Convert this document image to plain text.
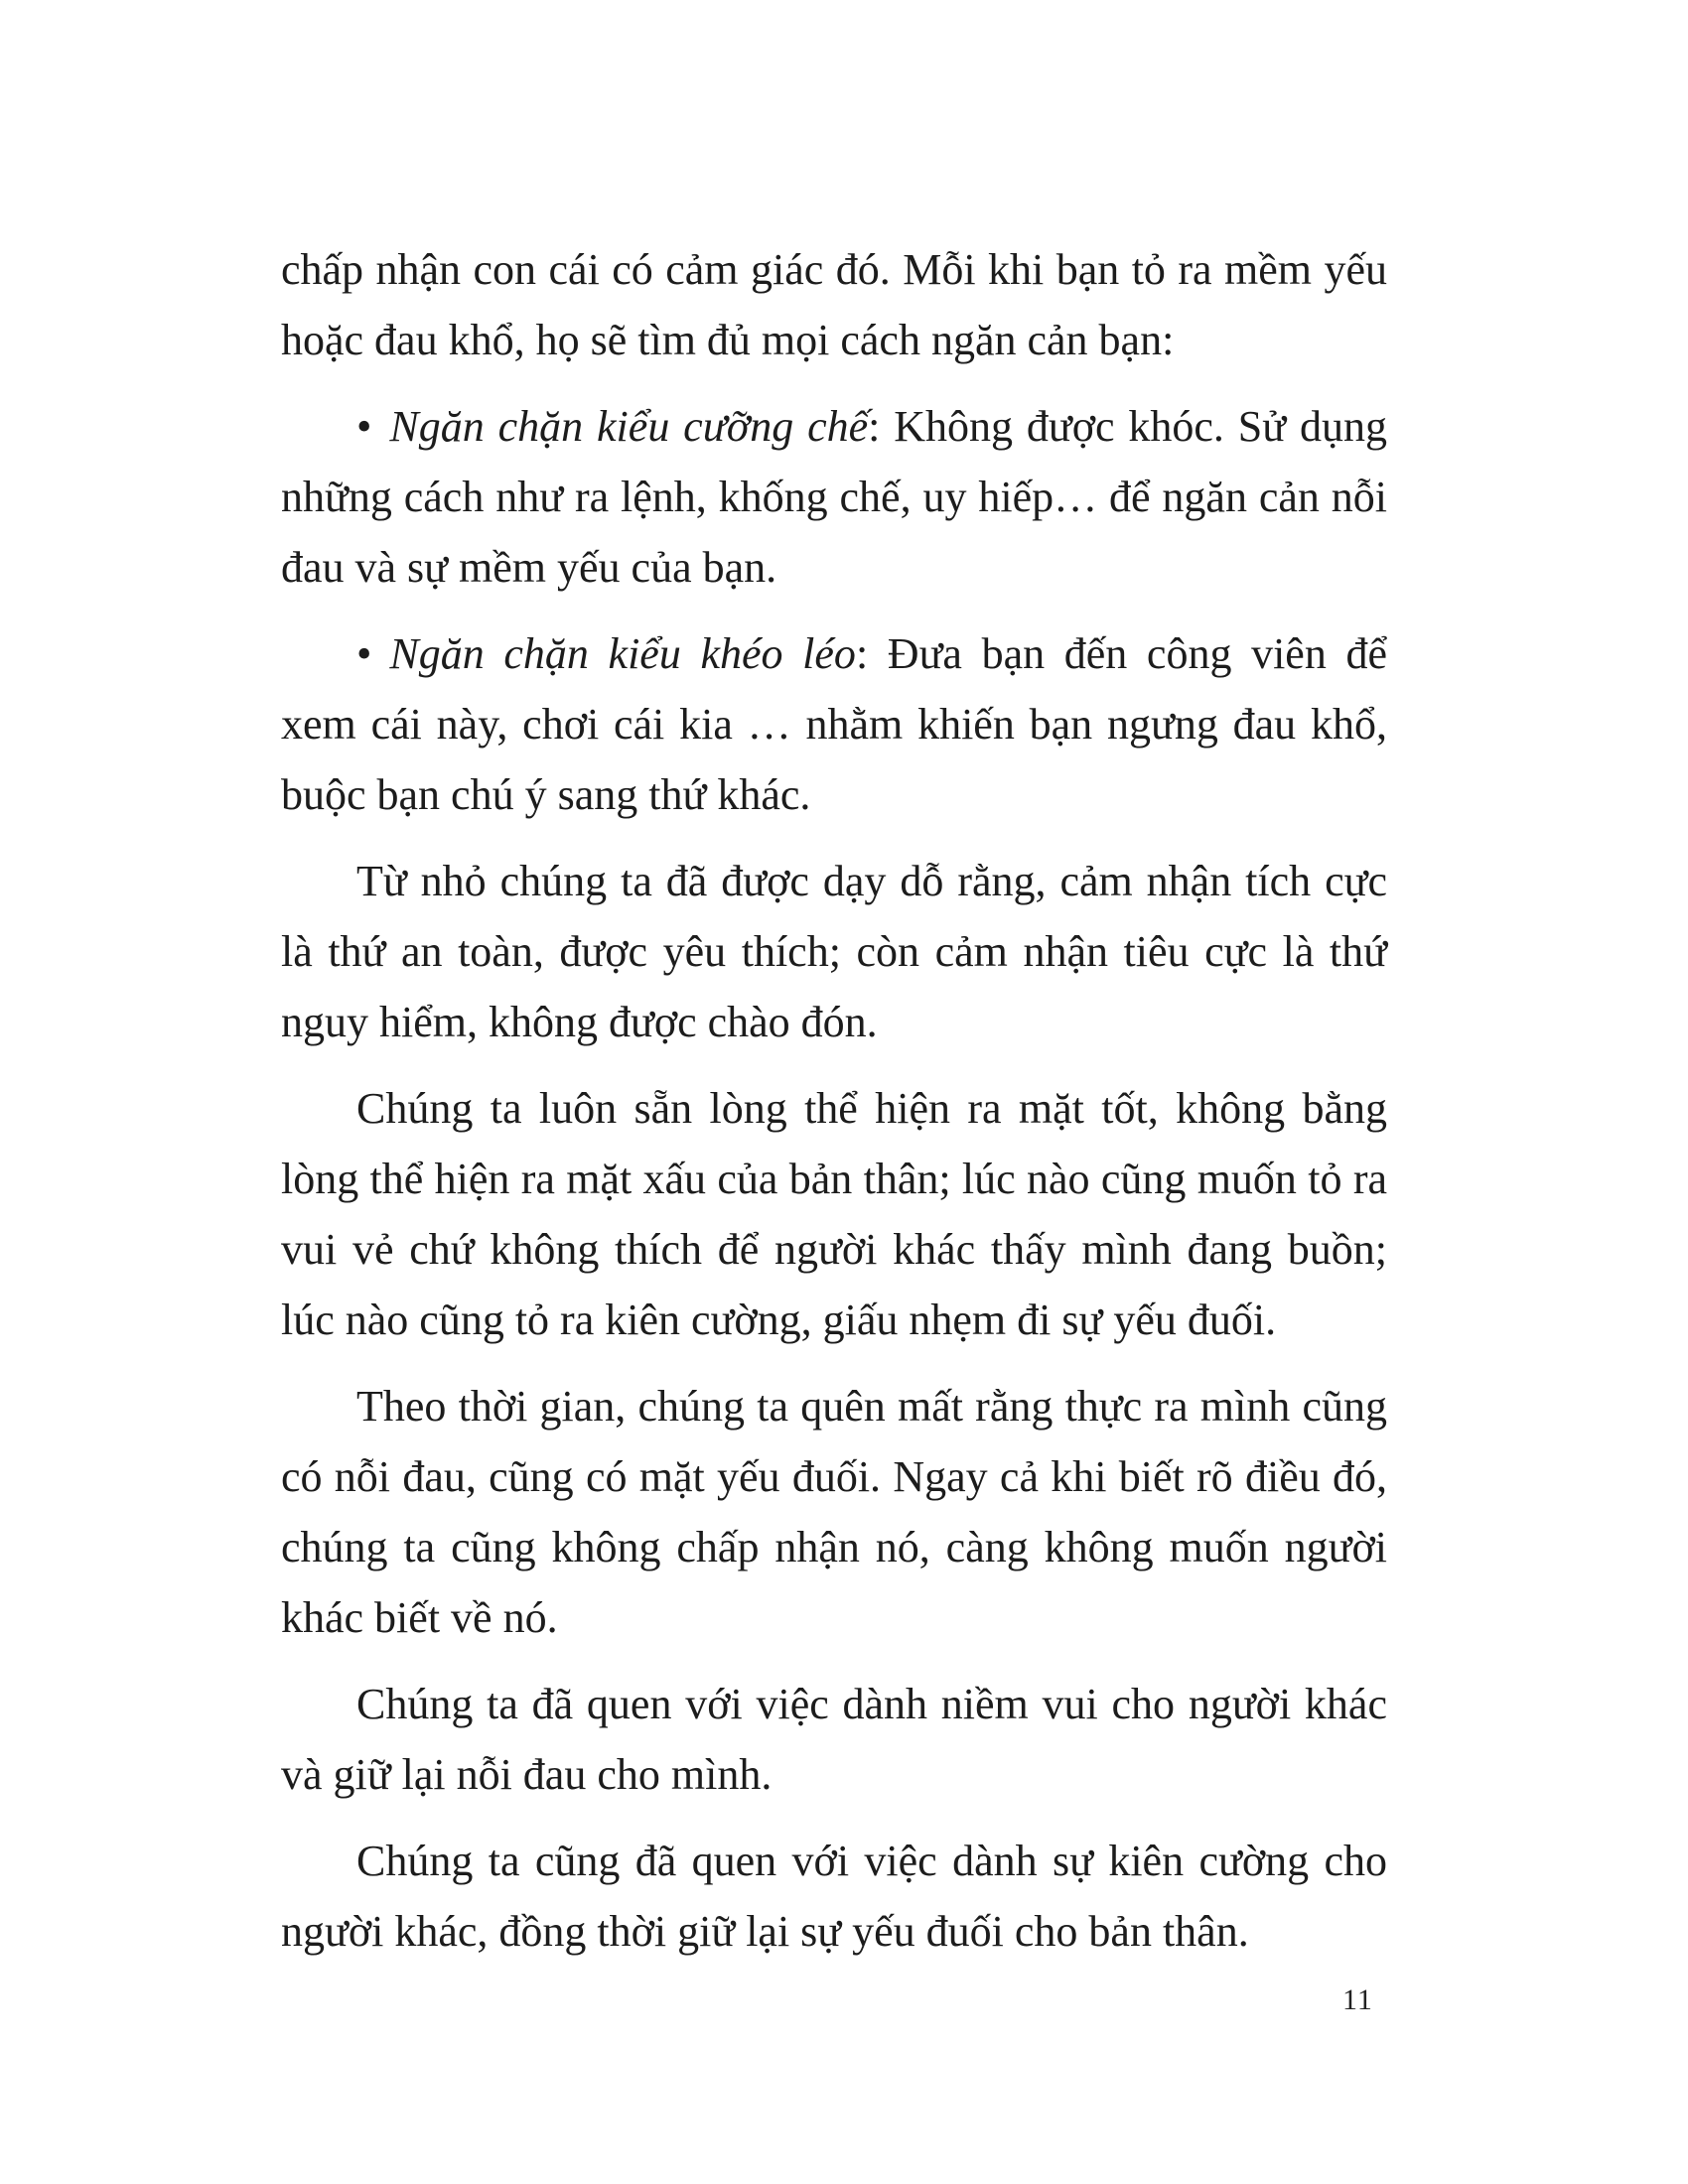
chấp nhận con cái có cảm giác đó. Mỗi khi bạn tỏ ra mềm yếu hoặc đau khổ, họ sẽ tìm đủ mọi cách ngăn cản bạn:

• Ngăn chặn kiểu cưỡng chế: Không được khóc. Sử dụng những cách như ra lệnh, khống chế, uy hiếp… để ngăn cản nỗi đau và sự mềm yếu của bạn.

• Ngăn chặn kiểu khéo léo: Đưa bạn đến công viên để xem cái này, chơi cái kia … nhằm khiến bạn ngưng đau khổ, buộc bạn chú ý sang thứ khác.

Từ nhỏ chúng ta đã được dạy dỗ rằng, cảm nhận tích cực là thứ an toàn, được yêu thích; còn cảm nhận tiêu cực là thứ nguy hiểm, không được chào đón.

Chúng ta luôn sẵn lòng thể hiện ra mặt tốt, không bằng lòng thể hiện ra mặt xấu của bản thân; lúc nào cũng muốn tỏ ra vui vẻ chứ không thích để người khác thấy mình đang buồn; lúc nào cũng tỏ ra kiên cường, giấu nhẹm đi sự yếu đuối.

Theo thời gian, chúng ta quên mất rằng thực ra mình cũng có nỗi đau, cũng có mặt yếu đuối. Ngay cả khi biết rõ điều đó, chúng ta cũng không chấp nhận nó, càng không muốn người khác biết về nó.

Chúng ta đã quen với việc dành niềm vui cho người khác và giữ lại nỗi đau cho mình.

Chúng ta cũng đã quen với việc dành sự kiên cường cho người khác, đồng thời giữ lại sự yếu đuối cho bản thân.

11
